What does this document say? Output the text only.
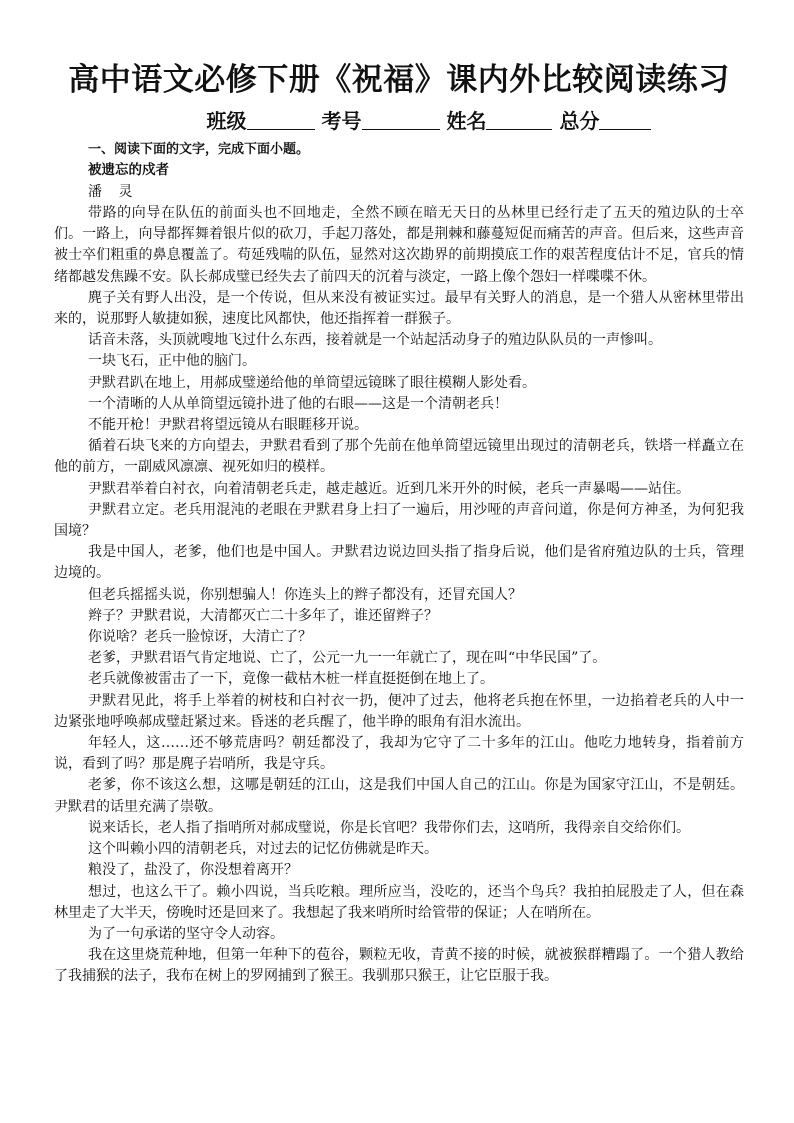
高中语文必修下册《祝福》课内外比较阅读练习
班级	考号	姓名	总分

一、阅读下面的文字，完成下面小题。

被遗忘的戍者

潘 灵

带路的向导在队伍的前面头也不回地走，全然不顾在暗无天日的丛林里已经行走了五天的殖边队的士卒们。一路上，向导都挥舞着银片似的砍刀，手起刀落处，都是荆棘和藤蔓短促而痛苦的声音。但后来，这些声音被士卒们粗重的鼻息覆盖了。苟延残喘的队伍，显然对这次勘界的前期摸底工作的艰苦程度估计不足，官兵的情绪都越发焦躁不安。队长郝成璧已经失去了前四天的沉着与淡定，一路上像个怨妇一样喋喋不休。

麂子关有野人出没，是一个传说，但从来没有被证实过。最早有关野人的消息，是一个猎人从密林里带出来的，说那野人敏捷如猴，速度比风都快，他还指挥着一群猴子。

话音未落，头顶就嗖地飞过什么东西，接着就是一个站起活动身子的殖边队队员的一声惨叫。

一块飞石，正中他的脑门。

尹默君趴在地上，用郝成璧递给他的单筒望远镜眯了眼往模糊人影处看。

一个清晰的人从单筒望远镜扑进了他的右眼——这是一个清朝老兵！

不能开枪！尹默君将望远镜从右眼睚移开说。

循着石块飞来的方向望去，尹默君看到了那个先前在他单筒望远镜里出现过的清朝老兵，铁塔一样矗立在他的前方，一副威风凛凛、视死如归的模样。

尹默君举着白衬衣，向着清朝老兵走，越走越近。近到几米开外的时候，老兵一声暴喝——站住。

尹默君立定。老兵用混沌的老眼在尹默君身上扫了一遍后，用沙哑的声音问道，你是何方神圣，为何犯我国境？

我是中国人，老爹，他们也是中国人。尹默君边说边回头指了指身后说，他们是省府殖边队的士兵，管理边境的。

但老兵摇摇头说，你别想骗人！你连头上的辫子都没有，还冒充国人？

辫子？尹默君说，大清都灭亡二十多年了，谁还留辫子？

你说啥？老兵一脸惊讶，大清亡了？

老爹，尹默君语气肯定地说、亡了，公元一九一一年就亡了，现在叫“中华民国”了。

老兵就像被雷击了一下，竟像一截枯木桩一样直挺挺倒在地上了。

尹默君见此，将手上举着的树枝和白衬衣一扔，便冲了过去，他将老兵抱在怀里，一边掐着老兵的人中一边紧张地呼唤郝成璧赶紧过来。昏迷的老兵醒了，他半睁的眼角有泪水流出。

年轻人，这……还不够荒唐吗？朝廷都没了，我却为它守了二十多年的江山。他吃力地转身，指着前方说，看到了吗？那是麂子岩哨所，我是守兵。

老爹，你不该这么想，这哪是朝廷的江山，这是我们中国人自己的江山。你是为国家守江山，不是朝廷。尹默君的话里充满了崇敬。

说来话长，老人指了指哨所对郝成璧说，你是长官吧？我带你们去，这哨所，我得亲自交给你们。

这个叫赖小四的清朝老兵，对过去的记忆仿佛就是昨天。

粮没了，盐没了，你没想着离开？

想过，也这么干了。赖小四说，当兵吃粮。理所应当，没吃的，还当个鸟兵？我拍拍屁股走了人，但在森林里走了大半天，傍晚时还是回来了。我想起了我来哨所时给管带的保证；人在哨所在。

为了一句承诺的坚守令人动容。

我在这里烧荒种地，但第一年种下的苞谷，颗粒无收，青黄不接的时候，就被猴群糟蹋了。一个猎人教给了我捕猴的法子，我布在树上的罗网捕到了猴王。我驯那只猴王，让它臣服于我。
